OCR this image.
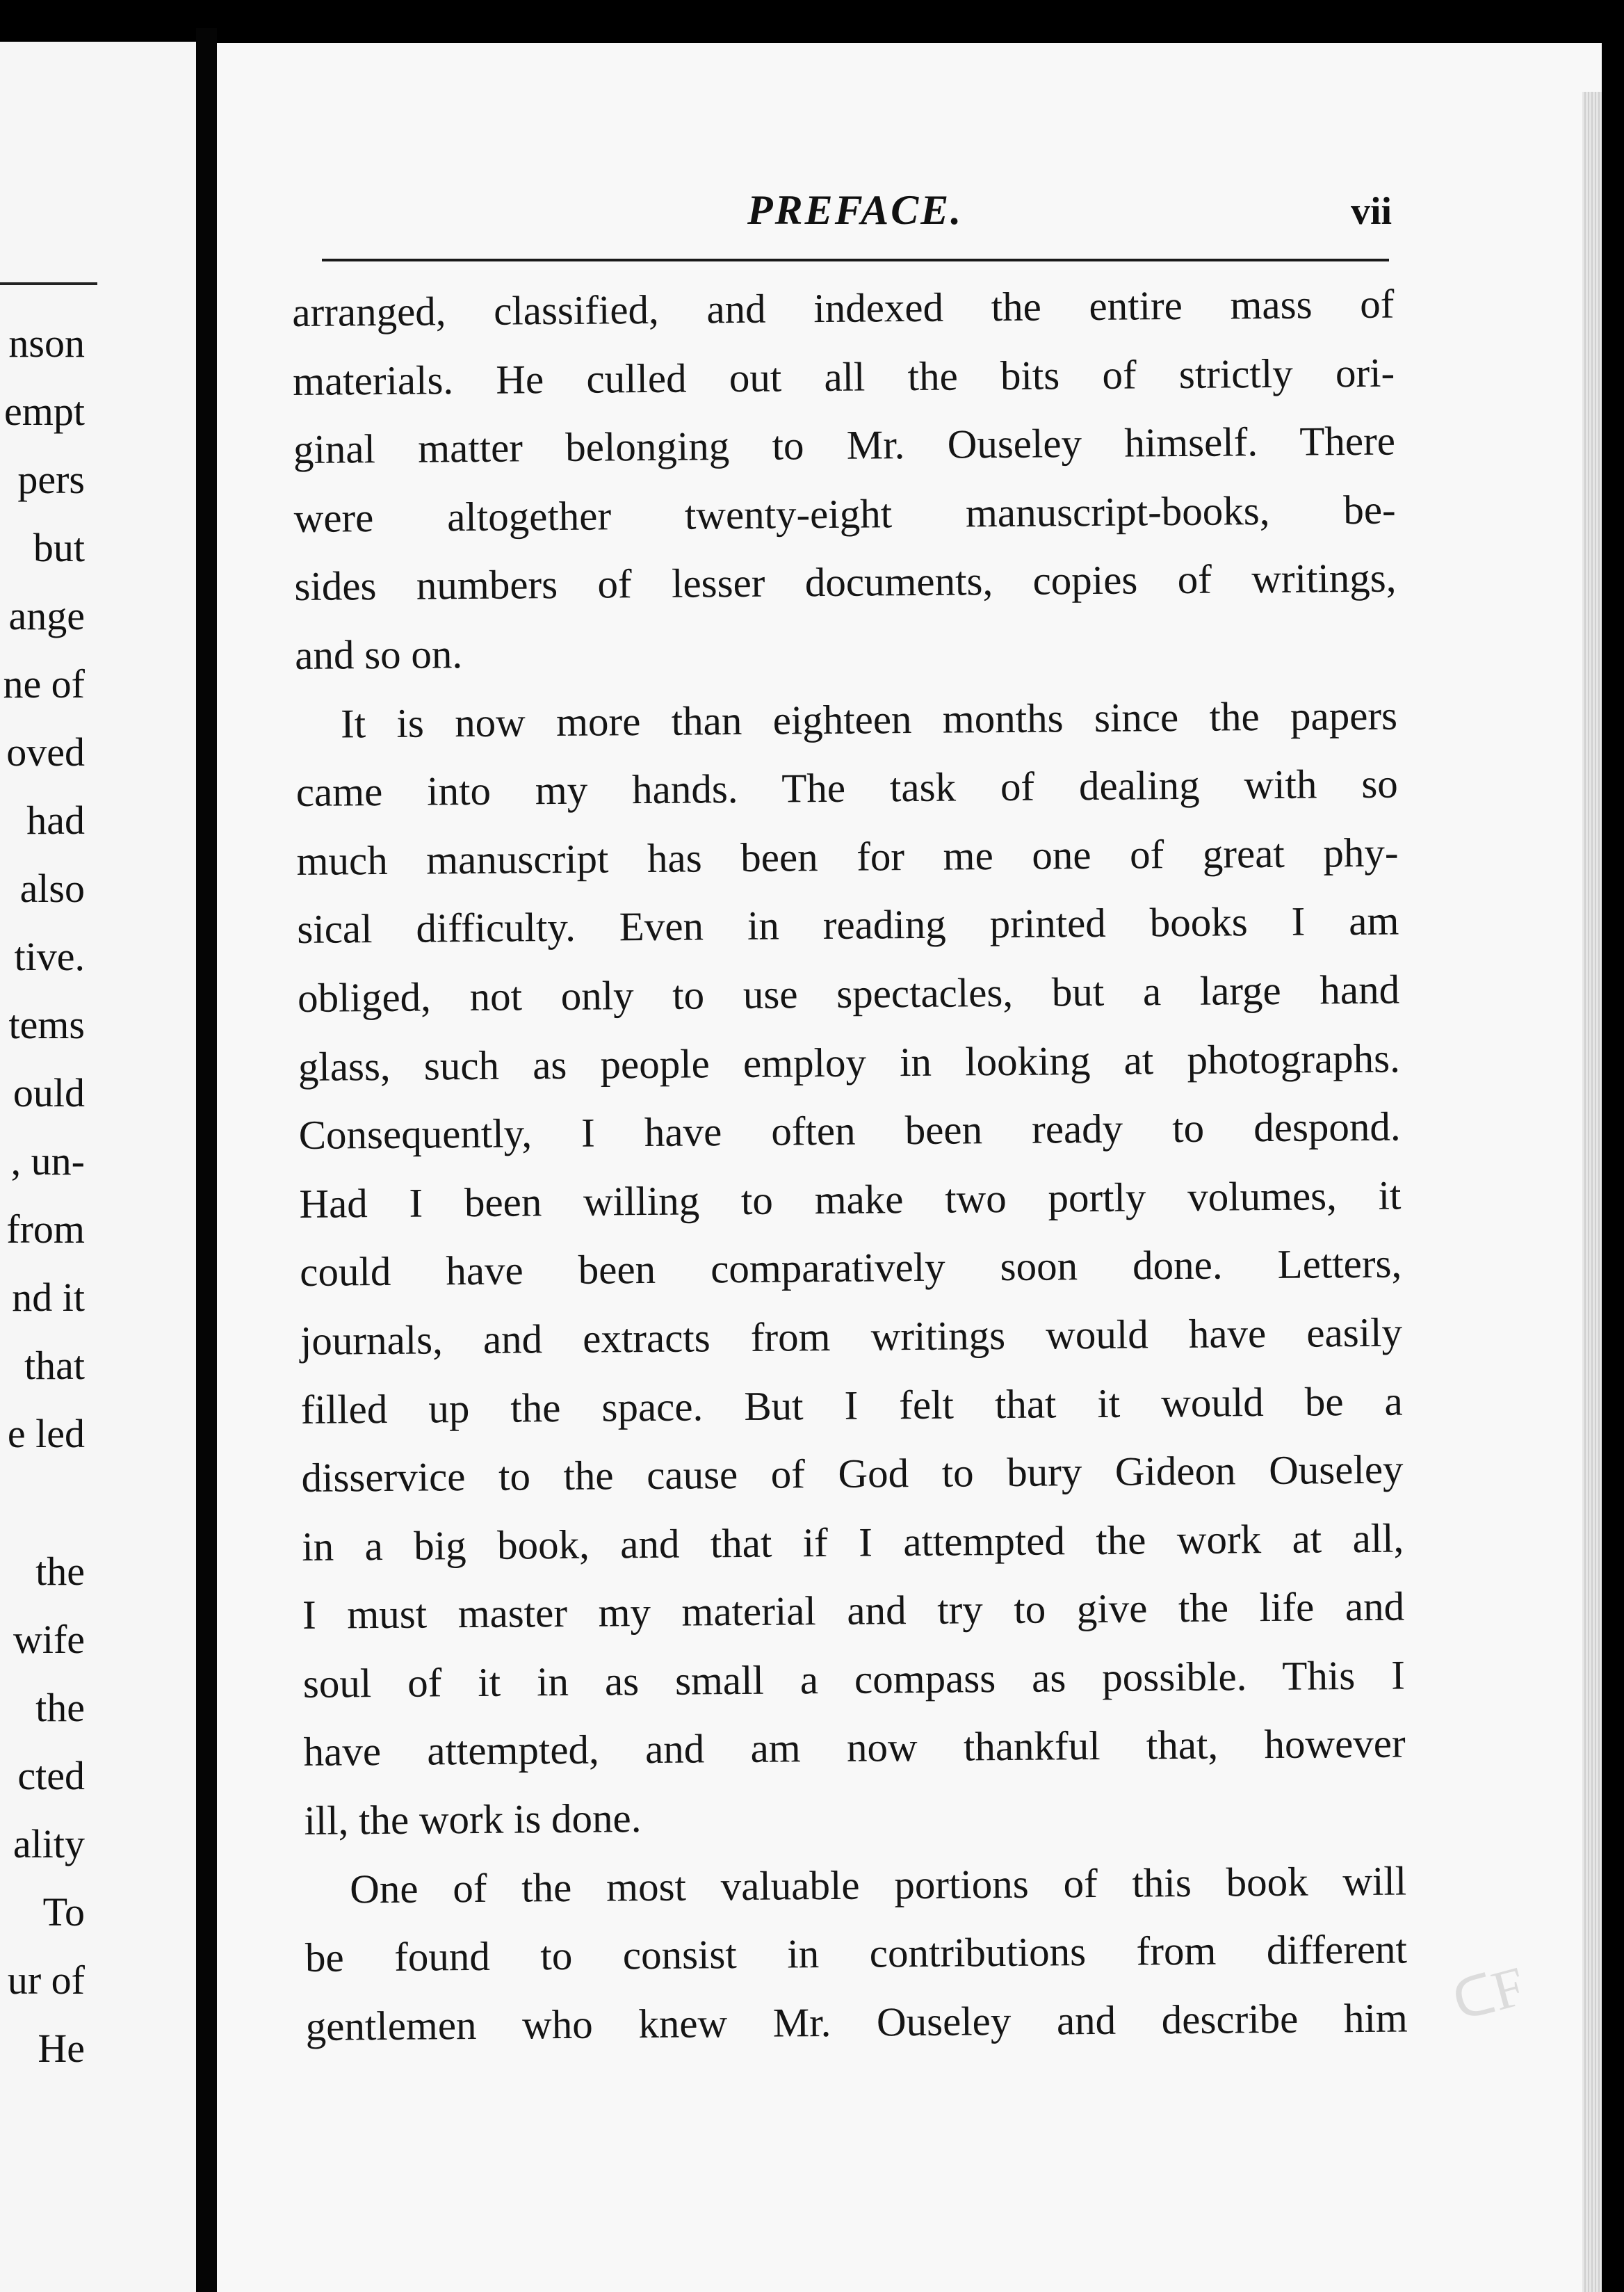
nson
empt
pers
but
ange
ne of
oved
had
also
tive.
tems
ould
, un-
from
nd it
that
e led
the
wife
the
cted
ality
To
ur of
He
PREFACE.	vii
arranged, classified, and indexed the entire mass of
materials. He culled out all the bits of strictly ori-
ginal matter belonging to Mr. Ouseley himself. There
were altogether twenty-eight manuscript-books, be-
sides numbers of lesser documents, copies of writings,
and so on.
It is now more than eighteen months since the papers
came into my hands. The task of dealing with so
much manuscript has been for me one of great phy-
sical difficulty. Even in reading printed books I am
obliged, not only to use spectacles, but a large hand
glass, such as people employ in looking at photographs.
Consequently, I have often been ready to despond.
Had I been willing to make two portly volumes, it
could have been comparatively soon done. Letters,
journals, and extracts from writings would have easily
filled up the space. But I felt that it would be a
disservice to the cause of God to bury Gideon Ouseley
in a big book, and that if I attempted the work at all,
I must master my material and try to give the life and
soul of it in as small a compass as possible. This I
have attempted, and am now thankful that, however
ill, the work is done.
One of the most valuable portions of this book will
be found to consist in contributions from different
gentlemen who knew Mr. Ouseley and describe him ᑕF
